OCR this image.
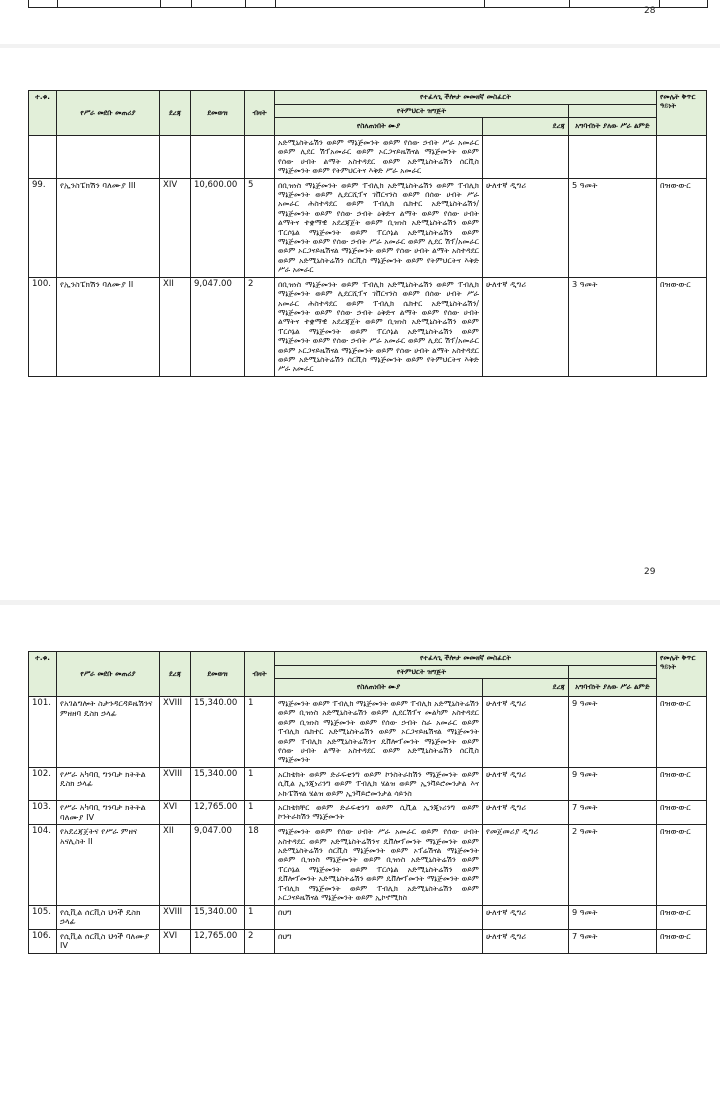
28
ተ.ቁ.	የሥራ መደቡ መጠሪያ	ደረጃ	ደመወዝ	ብዛት	የተፈላጊ ችሎታ መመዘኛ መስፈርት			የመሌት ቅጥር ዓይነት
					የትምህርት ዝግጅት			
					የስለጠነበት ሙያ	ደረጃ	አግባብነት ያለው ሥራ ልምድ	
					አድሚኒስትሬሽን ወይም ማኔጅመንት ወይም የሰው ኃብት ሥራ አመራር ወይም ሊደር ሽፕአመራር ወይም ኦርጋናይዜሽናል ማኔጅመንት ወይም የሰው ሀብት ልማት አስተዳደር ወይም አድሚኒስትሬሽን ሰርቪስ ማኔጅመንት ወይም የትምህርትና እቅድ ሥራ አመራር			
99.	የኢንስፔክሽን ባለሙያ III	XIV	10,600.00	5	በቢዝነስ ማኔጅመንት ወይም ፐብሊክ አድሚኒስትሬሽን ወይም ፐብሊክ ማኔጅመንት ወይም ሊደርሺፕና ገቨርናንስ ወይም በሰው ሀብት ሥራ አመራር ሕስተዳደር ወይም ፐብሊክ ሴክተር አድሚኒስትሬሽን/ ማኔጅመንት ወይም የሰው ኃብት ዕቅድና ልማት ወይም የሰው ሀብት ልማትና ተቋማዊ አደረጃጀት ወይም ቢዝነስ አድሚኒስትሬሽን ወይም ፐርሶኔል ማኔጅመንት ወይም ፐርሶኔል አድሚኒስትሬሽን ወይም ማኔጅመንት ወይም የሰው ኃብት ሥራ አመራር ወይም ሊደር ሽፕ/አመራር ወይም ኦርጋናይዜሽናል ማኔጅመንት ወይም የሰው ሀብት ልማት አስተዳደር ወይም አድሚኒስትሬሽን ሰርቪስ ማኔጅመንት ወይም የትምህርትና እቅድ ሥራ አመራር	ሁለተኛ ዲግሪ	5 ዓመት	በዝውውር
100.	የኢንስፔክሽን ባለሙያ II	XII	9,047.00	2	በቢዝነስ ማኔጅመንት ወይም ፐብሊክ አድሚኒስትሬሽን ወይም ፐብሊክ ማኔጅመንት ወይም ሊደርሺፕና ገቨርናንስ ወይም በሰው ሀብት ሥራ አመራር ሕስተዳደር ወይም ፐብሊክ ሴክተር አድሚኒስትሬሽን/ ማኔጅመንት ወይም የሰው ኃብት ዕቅድና ልማት ወይም የሰው ሀብት ልማትና ተቋማዊ አደረጃጀት ወይም ቢዝነስ አድሚኒስትሬሽን ወይም ፐርሶኔል ማኔጅመንት ወይም ፐርሶኔል አድሚኒስትሬሽን ወይም ማኔጅመንት ወይም የሰው ኃብት ሥራ አመራር ወይም ሊደር ሽፕ/አመራር ወይም ኦርጋናይዜሽናል ማኔጅመንት ወይም የሰው ሀብት ልማት አስተዳደር ወይም አድሚኒስትሬሽን ሰርቪስ ማኔጅመንት ወይም የትምህርትና እቅድ ሥራ አመራር	ሁለተኛ ዲግሪ	3 ዓመት	በዝውውር
29
ተ.ቁ.	የሥራ መደቡ መጠሪያ	ደረጃ	ደመወዝ	ብዛት	የተፈላጊ ችሎታ መመዘኛ መስፈርት			የመሌት ቅጥር ዓይነት
					የትምህርት ዝግጅት			
					የስለጠነበት ሙያ	ደረጃ	አግባብነት ያለው ሥራ ልምድ	
101.	የአገልግሎት ስታንዳርዳይዜሽንና ምዘዘባ ዴስክ ኃላፊ	XVIII	15,340.00	1	ማኔጅመንት ወይም ፐብሊክ ማኔጅመንት ወይም ፐብሊክ አድሚኒስትሬሽን ወይም ቢዝነስ አድሚኒስትሬሽን ወይም ሊደርሽፕና መልካም አስተዳደር ወይም ቢዝነስ ማኔጅመንት ወይም የሰው ኃብት ስራ አመራር ወይም ፐብሊክ ሴክተር አድሚኒስትሬሽን ወይም ኦርጋናይዜሽናል ማኔጅመንት ወይም ፐብሊክ አድሚኒስትሬሽንና ዴቨሎፕመንት ማኔጅመንት ወይም የሰው ሀብት ልማት አስተዳደር ወይም አድሚኒስትሬሽን ሰርቪስ ማኔጅመንት	ሁለተኛ ዲግሪ	9 ዓመት	በዝውውር
102.	የሥራ አካባቢ ግንባታ ክትትል ዴስክ ኃላፊ	XVIII	15,340.00	1	አርክቴክት ወይም ድራፍቲንግ ወይም ኮንስትራክሽን ማኔጅመንት ወይም ሲቪል ኢንጂነሪንግ ወይም ፐብሊክ ሄልዝ ወይም ኢንቫይሮመንታል እና ኦኩፔሽናል ሄልዝ ወይም ኢንቫይሮመንታል ሳይንስ	ሁለተኛ ዲግሪ	9 ዓመት	በዝውውር
103.	የሥራ አካባቢ ግንባታ ክትትል ባለሙያ IV	XVI	12,765.00	1	አርክቴክቸር ወይም ድራፍቲንግ ወይም ሲቪል ኢንጂነሪንግ ወይም ኮንትራክሽን ማኔጅመንት	ሁለተኛ ዲግሪ	7 ዓመት	በዝውውር
104.	የአደረጃጀትና የሥራ ምዘና አናሊስት II	XII	9,047.00	18	ማኔጅመንት ወይም የሰው ሀብት ሥራ አመራር ወይም የሰው ሀብት አስተዳደር ወይም አድሚኒስትሬሽንና ዴቨሎፕመንት ማኔጅመንት ወይም አድሚኒስትሬሽን ሰርቪስ ማኔጅመንት ወይም ኦፕሬሽናል ማኔጅመንት ወይም ቢዝነስ ማኔጅመንት ወይም ቢዝነስ አድሚኒስትሬሽን ወይም ፐርሶኔል ማኔጅመንት ወይም ፐርሶኔል አድሚኒስትሬሽን ወይም ዴቨሎፕመንት አድሚኒስትሬሽን ወይም ዴቨሎፕመንት ማኔጅመንት ወይም ፐብሊክ ማኔጅመንት ወይም ፐብሊክ አድሚኒስትሬሽን ወይም ኦርጋናይዜሽናል ማኔጅመንት ወይም ኢኮኖሚክስ	የመጀመሪያ ዲግሪ	2 ዓመት	በዝውውር
105.	የሲቪል ሰርቪስ ህጎች ዴስክ ኃላፊ	XVIII	15,340.00	1	በህግ	ሁለተኛ ዲግሪ	9 ዓመት	በዝውውር
106.	የሲቪል ሰርቪስ ህጎች ባለሙያ IV	XVI	12,765.00	2	በህግ	ሁለተኛ ዲግሪ	7 ዓመት	በዝውውር
